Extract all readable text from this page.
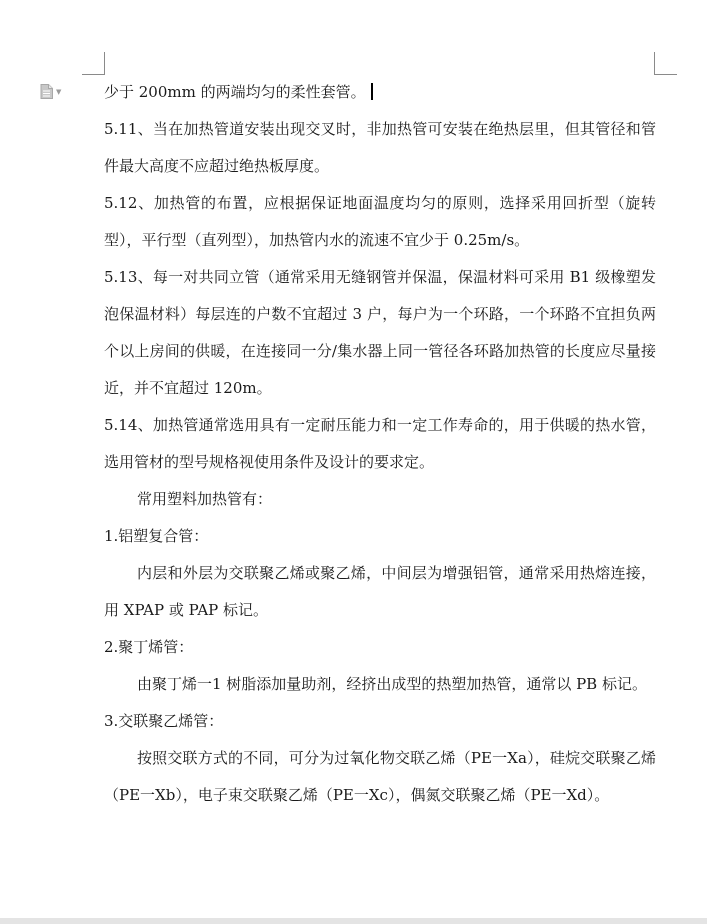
▼	少于 200mm 的两端均匀的柔性套管。

5.11、当在加热管道安装出现交叉时，非加热管可安装在绝热层里，但其管径和管件最大高度不应超过绝热板厚度。

5.12、加热管的布置，应根据保证地面温度均匀的原则，选择采用回折型（旋转型），平行型（直列型），加热管内水的流速不宜少于 0.25m/s。

5.13、每一对共同立管（通常采用无缝钢管并保温，保温材料可采用 B1 级橡塑发泡保温材料）每层连的户数不宜超过 3 户，每户为一个环路，一个环路不宜担负两个以上房间的供暖，在连接同一分/集水器上同一管径各环路加热管的长度应尽量接近，并不宜超过 120m。

5.14、加热管通常选用具有一定耐压能力和一定工作寿命的，用于供暖的热水管，选用管材的型号规格视使用条件及设计的要求定。

常用塑料加热管有：

1.铝塑复合管：

内层和外层为交联聚乙烯或聚乙烯，中间层为增强铝管，通常采用热熔连接，用 XPAP 或 PAP 标记。

2.聚丁烯管：

由聚丁烯一1 树脂添加量助剂，经挤出成型的热塑加热管，通常以 PB 标记。

3.交联聚乙烯管：

按照交联方式的不同，可分为过氧化物交联乙烯（PE一Xa），硅烷交联聚乙烯（PE一Xb），电子束交联聚乙烯（PE一Xc），偶氮交联聚乙烯（PE一Xd）。
